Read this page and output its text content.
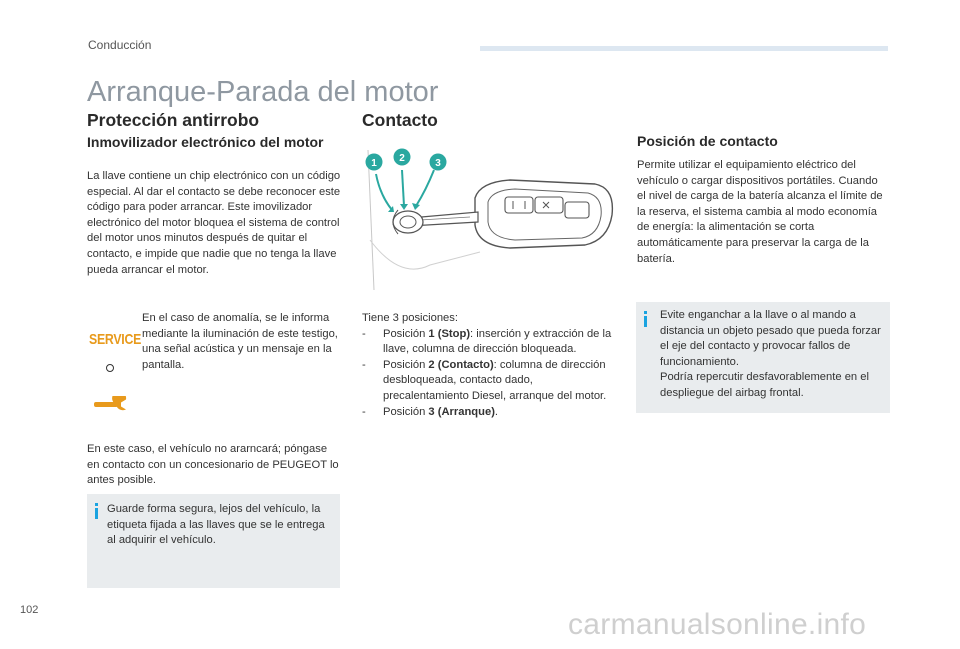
Conducción
Arranque-Parada del motor
Protección antirrobo
Inmovilizador electrónico del motor
La llave contiene un chip electrónico con un código especial. Al dar el contacto se debe reconocer este código para poder arrancar. Este imovilizador electrónico del motor bloquea el sistema de control del motor unos minutos después de quitar el contacto, e impide que nadie que no tenga la llave pueda arrancar el motor.
SERVICE
En el caso de anomalía, se le informa mediante la iluminación de este testigo, una señal acústica y un mensaje en la pantalla.
En este caso, el vehículo no ararncará; póngase en contacto con un concesionario de PEUGEOT lo antes posible.
Guarde forma segura, lejos del vehículo, la etiqueta fijada a las llaves que se le entrega al adquirir el vehículo.
Contacto
1 2	3
Tiene 3 posiciones:
- Posición 1 (Stop): inserción y extracción de la llave, columna de dirección bloqueada.
- Posición 2 (Contacto): columna de dirección desbloqueada, contacto dado, precalentamiento Diesel, arranque del motor.
- Posición 3 (Arranque).
Posición de contacto
Permite utilizar el equipamiento eléctrico del vehículo o cargar dispositivos portátiles. Cuando el nivel de carga de la batería alcanza el límite de la reserva, el sistema cambia al modo economía de energía: la alimentación se corta automáticamente para preservar la carga de la batería.
Evite enganchar a la llave o al mando a distancia un objeto pesado que pueda forzar el eje del contacto y provocar fallos de funcionamiento.
Podría repercutir desfavorablemente en el despliegue del airbag frontal.
102	carmanualsonline.info
